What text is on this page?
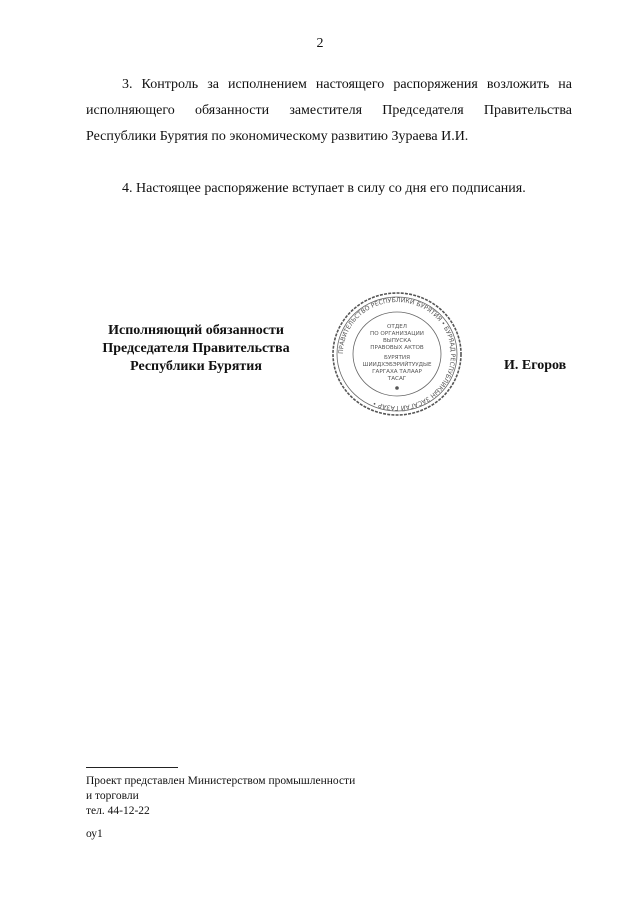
2

3. Контроль за исполнением настоящего распоряжения возложить на исполняющего обязанности заместителя Председателя Правительства Республики Бурятия по экономическому развитию Зураева И.И.

4. Настоящее распоряжение вступает в силу со дня его подписания.

Исполняющий обязанности
Председателя Правительства
Республики Бурятия
ПРАВИТЕЛЬСТВО РЕСПУБЛИКИ БУРЯТИЯ • БУРЯАД РЕСПУБЛИКЫН ЗАСАГАЙ ГАЗАР •
ОТДЕЛ
ПО ОРГАНИЗАЦИИ
ВЫПУСКА
ПРАВОВЫХ АКТОВ
БУРЯТИЯ
ШИИДХЭБЭРИЙТУУДЫЕ
ГАРГАХА ТАЛААР
ТАСАГ
И. Егоров
Проект представлен Министерством промышленности
и торговли
тел. 44-12-22
оу1
